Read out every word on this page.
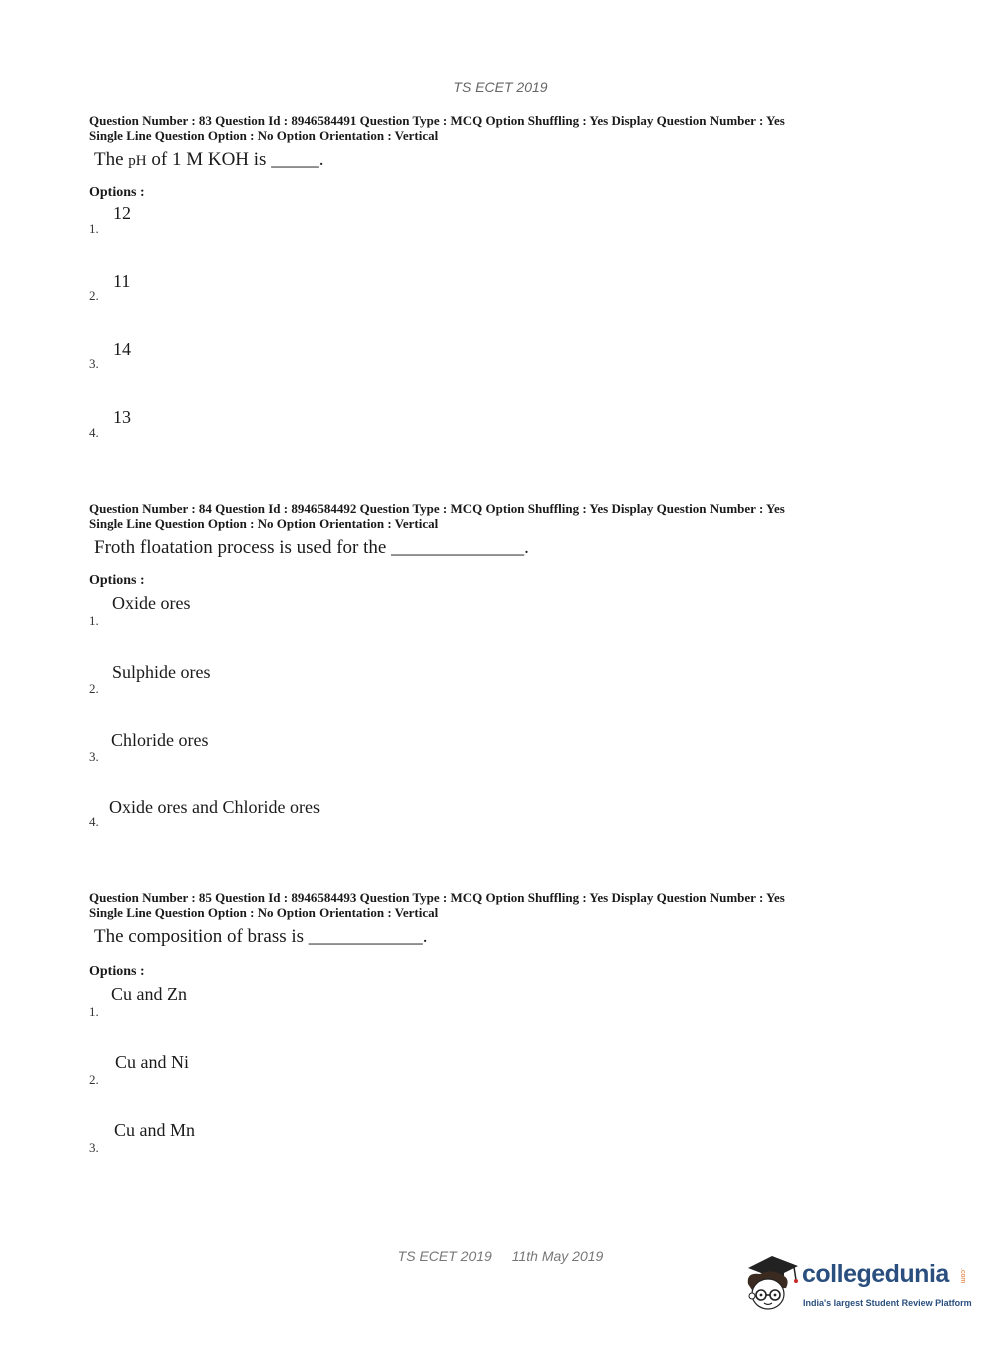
TS ECET 2019
Question Number : 83 Question Id : 8946584491 Question Type : MCQ Option Shuffling : Yes Display Question Number : Yes
Single Line Question Option : No Option Orientation : Vertical
The pH of 1 M KOH is _____.
Options :
1.
12
2.
11
3.
14
4.
13
Question Number : 84 Question Id : 8946584492 Question Type : MCQ Option Shuffling : Yes Display Question Number : Yes
Single Line Question Option : No Option Orientation : Vertical
Froth floatation process is used for the ______________.
Options :
1.
Oxide ores
2.
Sulphide ores
3.
Chloride ores
4.
Oxide ores and Chloride ores
Question Number : 85 Question Id : 8946584493 Question Type : MCQ Option Shuffling : Yes Display Question Number : Yes
Single Line Question Option : No Option Orientation : Vertical
The composition of brass is ____________.
Options :
1.
Cu and Zn
2.
Cu and Ni
3.
Cu and Mn
TS ECET 2019 11th May 2019
collegedunia .com
India's largest Student Review Platform
